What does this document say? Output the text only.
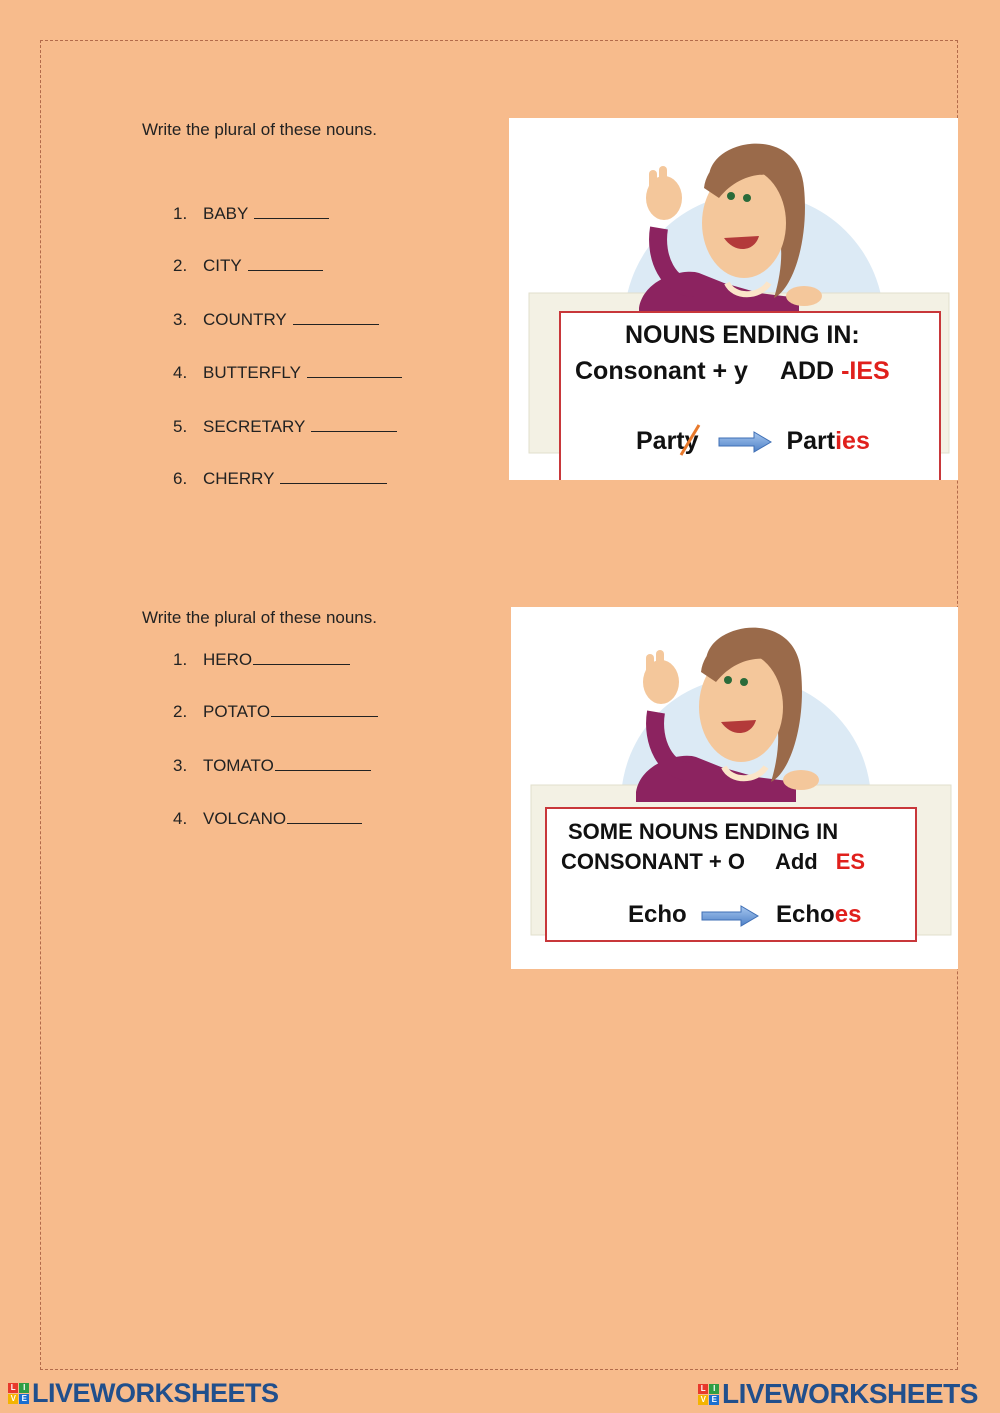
Write the plural of these nouns.
1. BABY
2. CITY
3. COUNTRY
4. BUTTERFLY
5. SECRETARY
6. CHERRY
NOUNS ENDING IN:
Consonant + y ADD -IES
Party	Parties
Write the plural of these nouns.
1. HERO
2. POTATO
3. TOMATO
4. VOLCANO
SOME NOUNS ENDING IN
CONSONANT + O Add ES
Echo	Echoes
L I
V E LIVEWORKSHEETS	L I
V E LIVEWORKSHEETS
